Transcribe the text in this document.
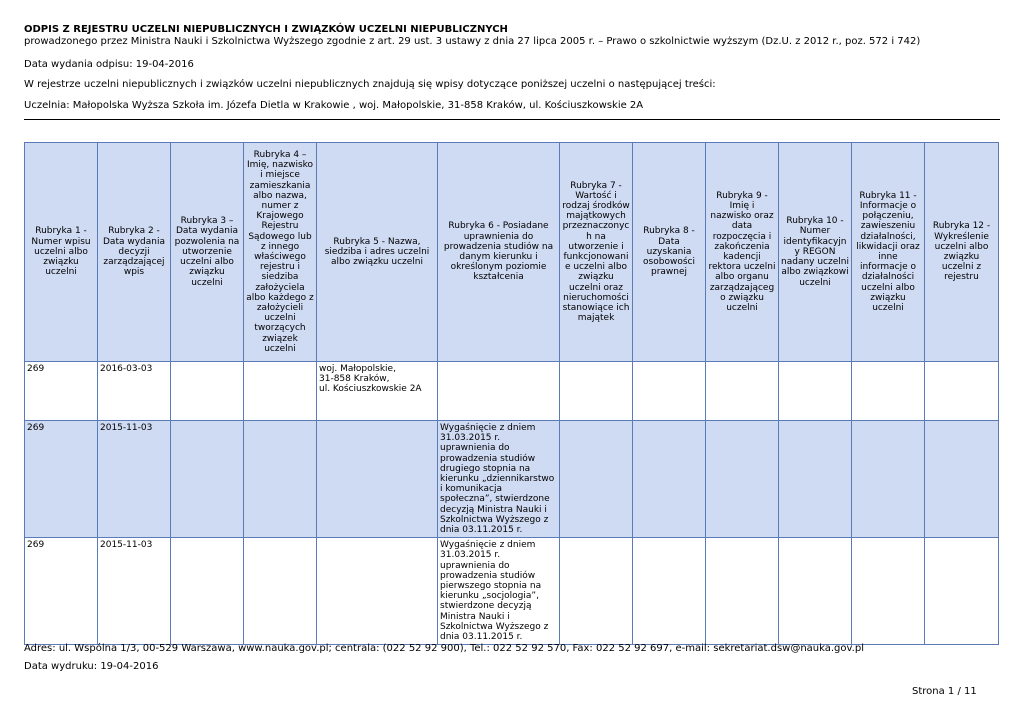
ODPIS Z REJESTRU UCZELNI NIEPUBLICZNYCH I ZWIĄZKÓW UCZELNI NIEPUBLICZNYCH
prowadzonego przez Ministra Nauki i Szkolnictwa Wyższego zgodnie z art. 29 ust. 3 ustawy z dnia 27 lipca 2005 r. – Prawo o szkolnictwie wyższym (Dz.U. z 2012 r., poz. 572 i 742)
Data wydania odpisu: 19-04-2016
W rejestrze uczelni niepublicznych i związków uczelni niepublicznych znajdują się wpisy dotyczące poniższej uczelni o następującej treści:
Uczelnia: Małopolska Wyższa Szkoła im. Józefa Dietla w Krakowie , woj. Małopolskie, 31-858 Kraków, ul. Kościuszkowskie 2A
Rubryka 1 - Numer wpisu uczelni albo związku uczelni	Rubryka 2 - Data wydania decyzji zarządzającej wpis	Rubryka 3 – Data wydania pozwolenia na utworzenie uczelni albo związku uczelni	Rubryka 4 – Imię, nazwisko i miejsce zamieszkania albo nazwa, numer z Krajowego Rejestru Sądowego lub z innego właściwego rejestru i siedziba założyciela albo każdego z założycieli uczelni tworzących związek uczelni	Rubryka 5 - Nazwa, siedziba i adres uczelni albo związku uczelni	Rubryka 6 - Posiadane uprawnienia do prowadzenia studiów na danym kierunku i określonym poziomie kształcenia	Rubryka 7 - Wartość i rodzaj środków majątkowych przeznaczonych na utworzenie i funkcjonowanie uczelni albo związku uczelni oraz nieruchomości stanowiące ich majątek	Rubryka 8 - Data uzyskania osobowości prawnej	Rubryka 9 - Imię i nazwisko oraz data rozpoczęcia i zakończenia kadencji rektora uczelni albo organu zarządzającego związku uczelni	Rubryka 10 - Numer identyfikacyjny REGON nadany uczelni albo związkowi uczelni	Rubryka 11 - Informacje o połączeniu, zawieszeniu działalności, likwidacji oraz inne informacje o działalności uczelni albo związku uczelni	Rubryka 12 - Wykreślenie uczelni albo związku uczelni z rejestru
269	2016-03-03			woj. Małopolskie,
31-858 Kraków,
ul. Kościuszkowskie 2A							
269	2015-11-03				Wygaśnięcie z dniem 31.03.2015 r. uprawnienia do prowadzenia studiów drugiego stopnia na kierunku „dziennikarstwo i komunikacja społeczna”, stwierdzone decyzją Ministra Nauki i Szkolnictwa Wyższego z dnia 03.11.2015 r.						
269	2015-11-03				Wygaśnięcie z dniem 31.03.2015 r. uprawnienia do prowadzenia studiów pierwszego stopnia na kierunku „socjologia”, stwierdzone decyzją Ministra Nauki i Szkolnictwa Wyższego z dnia 03.11.2015 r.						
Adres: ul. Wspólna 1/3, 00-529 Warszawa, www.nauka.gov.pl; centrala: (022 52 92 900), Tel.: 022 52 92 570, Fax: 022 52 92 697, e-mail: sekretariat.dsw@nauka.gov.pl
Data wydruku: 19-04-2016
Strona 1 / 11
